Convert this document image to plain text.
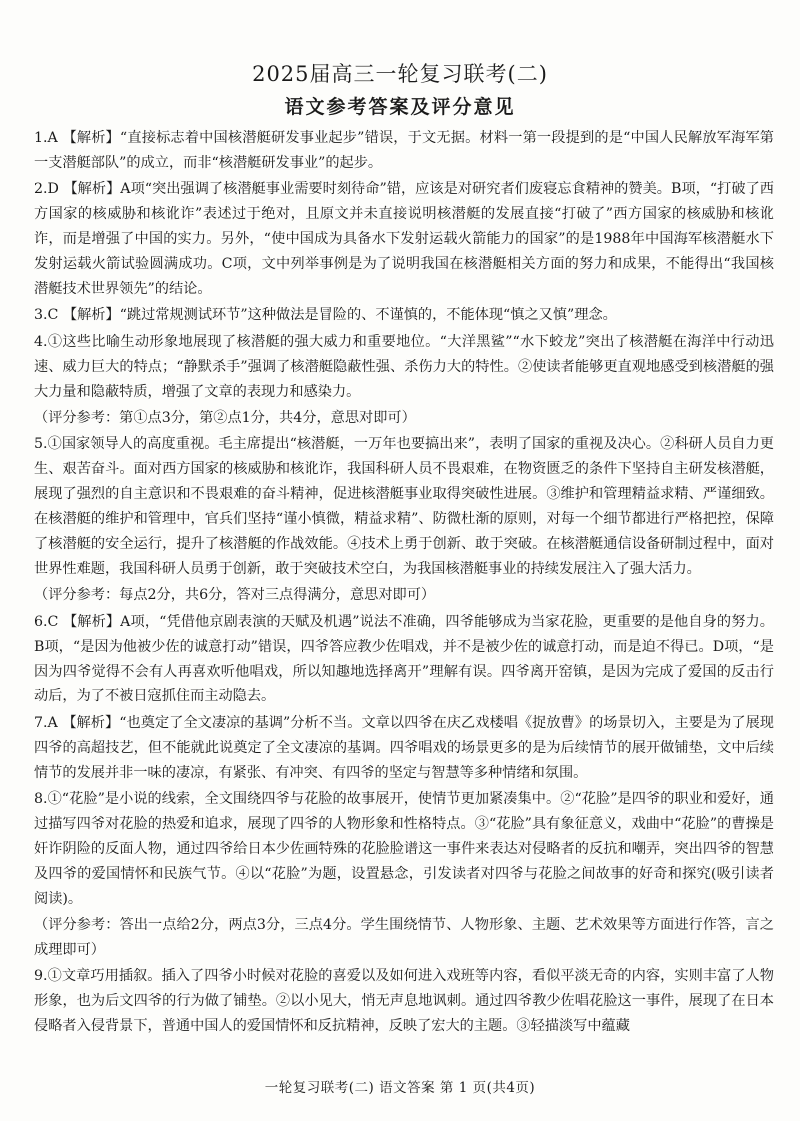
2025届高三一轮复习联考(二)
语文参考答案及评分意见

1.A 【解析】“直接标志着中国核潜艇研发事业起步”错误，于文无据。材料一第一段提到的是“中国人民解放军海军第一支潜艇部队”的成立，而非“核潜艇研发事业”的起步。

2.D 【解析】A项“突出强调了核潜艇事业需要时刻待命”错，应该是对研究者们废寝忘食精神的赞美。B项，“打破了西方国家的核威胁和核讹诈”表述过于绝对，且原文并未直接说明核潜艇的发展直接“打破了”西方国家的核威胁和核讹诈，而是增强了中国的实力。另外，“使中国成为具备水下发射运载火箭能力的国家”的是1988年中国海军核潜艇水下发射运载火箭试验圆满成功。C项，文中列举事例是为了说明我国在核潜艇相关方面的努力和成果，不能得出“我国核潜艇技术世界领先”的结论。

3.C 【解析】“跳过常规测试环节”这种做法是冒险的、不谨慎的，不能体现“慎之又慎”理念。

4.①这些比喻生动形象地展现了核潜艇的强大威力和重要地位。“大洋黑鲨”“水下蛟龙”突出了核潜艇在海洋中行动迅速、威力巨大的特点；“静默杀手”强调了核潜艇隐蔽性强、杀伤力大的特性。②使读者能够更直观地感受到核潜艇的强大力量和隐蔽特质，增强了文章的表现力和感染力。

（评分参考：第①点3分，第②点1分，共4分，意思对即可）

5.①国家领导人的高度重视。毛主席提出“核潜艇，一万年也要搞出来”，表明了国家的重视及决心。②科研人员自力更生、艰苦奋斗。面对西方国家的核威胁和核讹诈，我国科研人员不畏艰难，在物资匮乏的条件下坚持自主研发核潜艇，展现了强烈的自主意识和不畏艰难的奋斗精神，促进核潜艇事业取得突破性进展。③维护和管理精益求精、严谨细致。在核潜艇的维护和管理中，官兵们坚持“谨小慎微，精益求精”、防微杜渐的原则，对每一个细节都进行严格把控，保障了核潜艇的安全运行，提升了核潜艇的作战效能。④技术上勇于创新、敢于突破。在核潜艇通信设备研制过程中，面对世界性难题，我国科研人员勇于创新，敢于突破技术空白，为我国核潜艇事业的持续发展注入了强大活力。

（评分参考：每点2分，共6分，答对三点得满分，意思对即可）

6.C 【解析】A项，“凭借他京剧表演的天赋及机遇”说法不准确，四爷能够成为当家花脸，更重要的是他自身的努力。B项，“是因为他被少佐的诚意打动”错误，四爷答应教少佐唱戏，并不是被少佐的诚意打动，而是迫不得已。D项，“是因为四爷觉得不会有人再喜欢听他唱戏，所以知趣地选择离开”理解有误。四爷离开窑镇，是因为完成了爱国的反击行动后，为了不被日寇抓住而主动隐去。

7.A 【解析】“也奠定了全文凄凉的基调”分析不当。文章以四爷在庆乙戏楼唱《捉放曹》的场景切入，主要是为了展现四爷的高超技艺，但不能就此说奠定了全文凄凉的基调。四爷唱戏的场景更多的是为后续情节的展开做铺垫，文中后续情节的发展并非一味的凄凉，有紧张、有冲突、有四爷的坚定与智慧等多种情绪和氛围。

8.①“花脸”是小说的线索，全文围绕四爷与花脸的故事展开，使情节更加紧凑集中。②“花脸”是四爷的职业和爱好，通过描写四爷对花脸的热爱和追求，展现了四爷的人物形象和性格特点。③“花脸”具有象征意义，戏曲中“花脸”的曹操是奸诈阴险的反面人物，通过四爷给日本少佐画特殊的花脸脸谱这一事件来表达对侵略者的反抗和嘲弄，突出四爷的智慧及四爷的爱国情怀和民族气节。④以“花脸”为题，设置悬念，引发读者对四爷与花脸之间故事的好奇和探究(吸引读者阅读)。

（评分参考：答出一点给2分，两点3分，三点4分。学生围绕情节、人物形象、主题、艺术效果等方面进行作答，言之成理即可）

9.①文章巧用插叙。插入了四爷小时候对花脸的喜爱以及如何进入戏班等内容，看似平淡无奇的内容，实则丰富了人物形象，也为后文四爷的行为做了铺垫。②以小见大，悄无声息地讽刺。通过四爷教少佐唱花脸这一事件，展现了在日本侵略者入侵背景下，普通中国人的爱国情怀和反抗精神，反映了宏大的主题。③轻描淡写中蕴藏

一轮复习联考(二) 语文答案 第 1 页(共4页)
